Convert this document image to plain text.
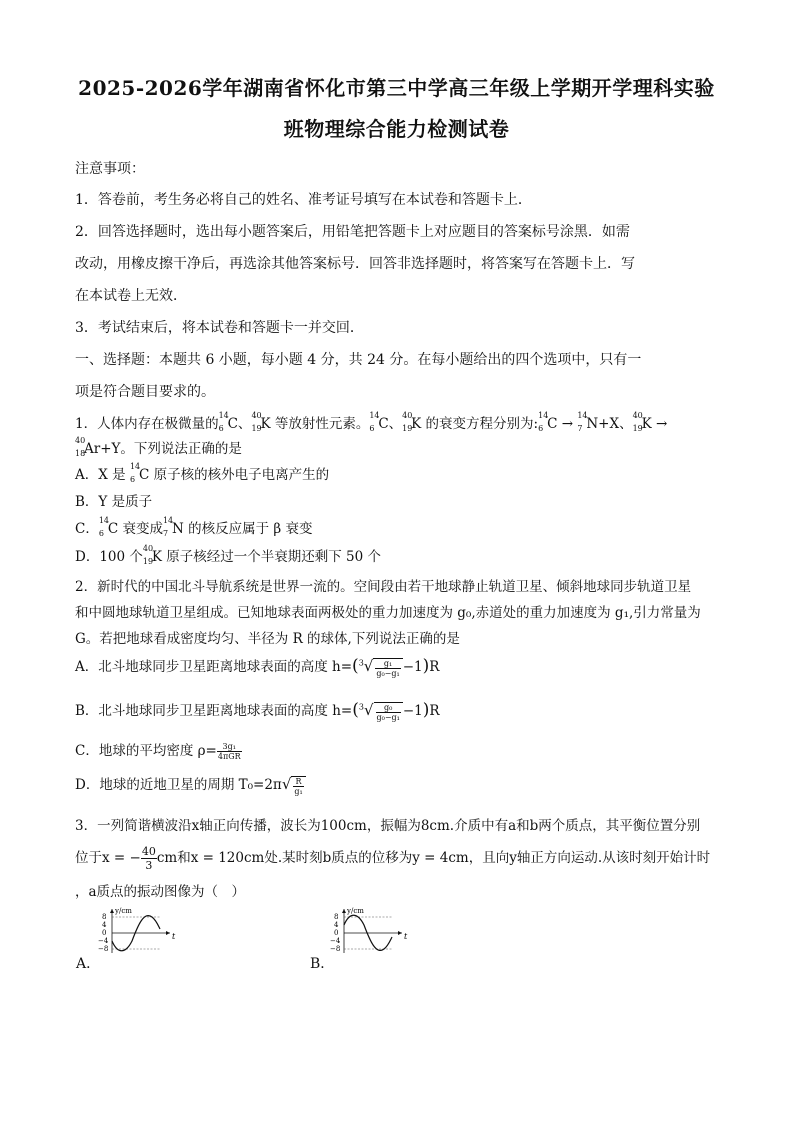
2025-2026学年湖南省怀化市第三中学高三年级上学期开学理科实验
班物理综合能力检测试卷
注意事项：
1．答卷前，考生务必将自己的姓名、准考证号填写在本试卷和答题卡上．
2．回答选择题时，选出每小题答案后，用铅笔把答题卡上对应题目的答案标号涂黑．如需
改动，用橡皮擦干净后，再选涂其他答案标号．回答非选择题时，将答案写在答题卡上．写
在本试卷上无效．
3．考试结束后，将本试卷和答题卡一并交回．
一、选择题：本题共 6 小题，每小题 4 分，共 24 分。在每小题给出的四个选项中，只有一
项是符合题目要求的。
1．人体内存在极微量的
14
6 C、
40
19
K 等放射性元素。
14
6 C、
40
19
K 的衰变方程分别为:
14
6 C →
14
7 N+X、
40
19
K →
40
18
Ar+Y。下列说法正确的是
A．X 是
14
6 C 原子核的核外电子电离产生的
B．Y 是质子
C．
14
6 C 衰变成
14
7 N 的核反应属于 β 衰变
D．100 个
40
19
K 原子核经过一个半衰期还剩下 50 个
2．新时代的中国北斗导航系统是世界一流的。空间段由若干地球静止轨道卫星、倾斜地球同步轨道卫星
和中圆地球轨道卫星组成。已知地球表面两极处的重力加速度为 g₀,赤道处的重力加速度为 g₁,引力常量为
G。若把地球看成密度均匀、半径为 R 的球体,下列说法正确的是
A．北斗地球同步卫星距离地球表面的高度 $h=(^3√ \frac{\text{g₁}}{\text{g₀−g₁}} -1)R$
B．北斗地球同步卫星距离地球表面的高度 $h=(^3√ \frac{\text{g₀}}{\text{g₀−g₁}} -1)R$
C．地球的平均密度 $\rho= \frac{\text{3g₁}}{\text{4πGR}}$
D．地球的近地卫星的周期 $T_0=2\pi√ \frac{R}{\text{g₁}}$
3．一列简谐横波沿x轴正向传播，波长为100cm，振幅为8cm.介质中有a和b两个质点，其平衡位置分别
位于x = − $\frac{40}{3}$ cm和x = 120cm处.某时刻b质点的位移为y = 4cm，且向y轴正方向运动.从该时刻开始计时
，a质点的振动图像为（　）
y/cm
t
8
4
0
−4
−8
A．
y/cm
t
8
4
0
−4
−8
B．
